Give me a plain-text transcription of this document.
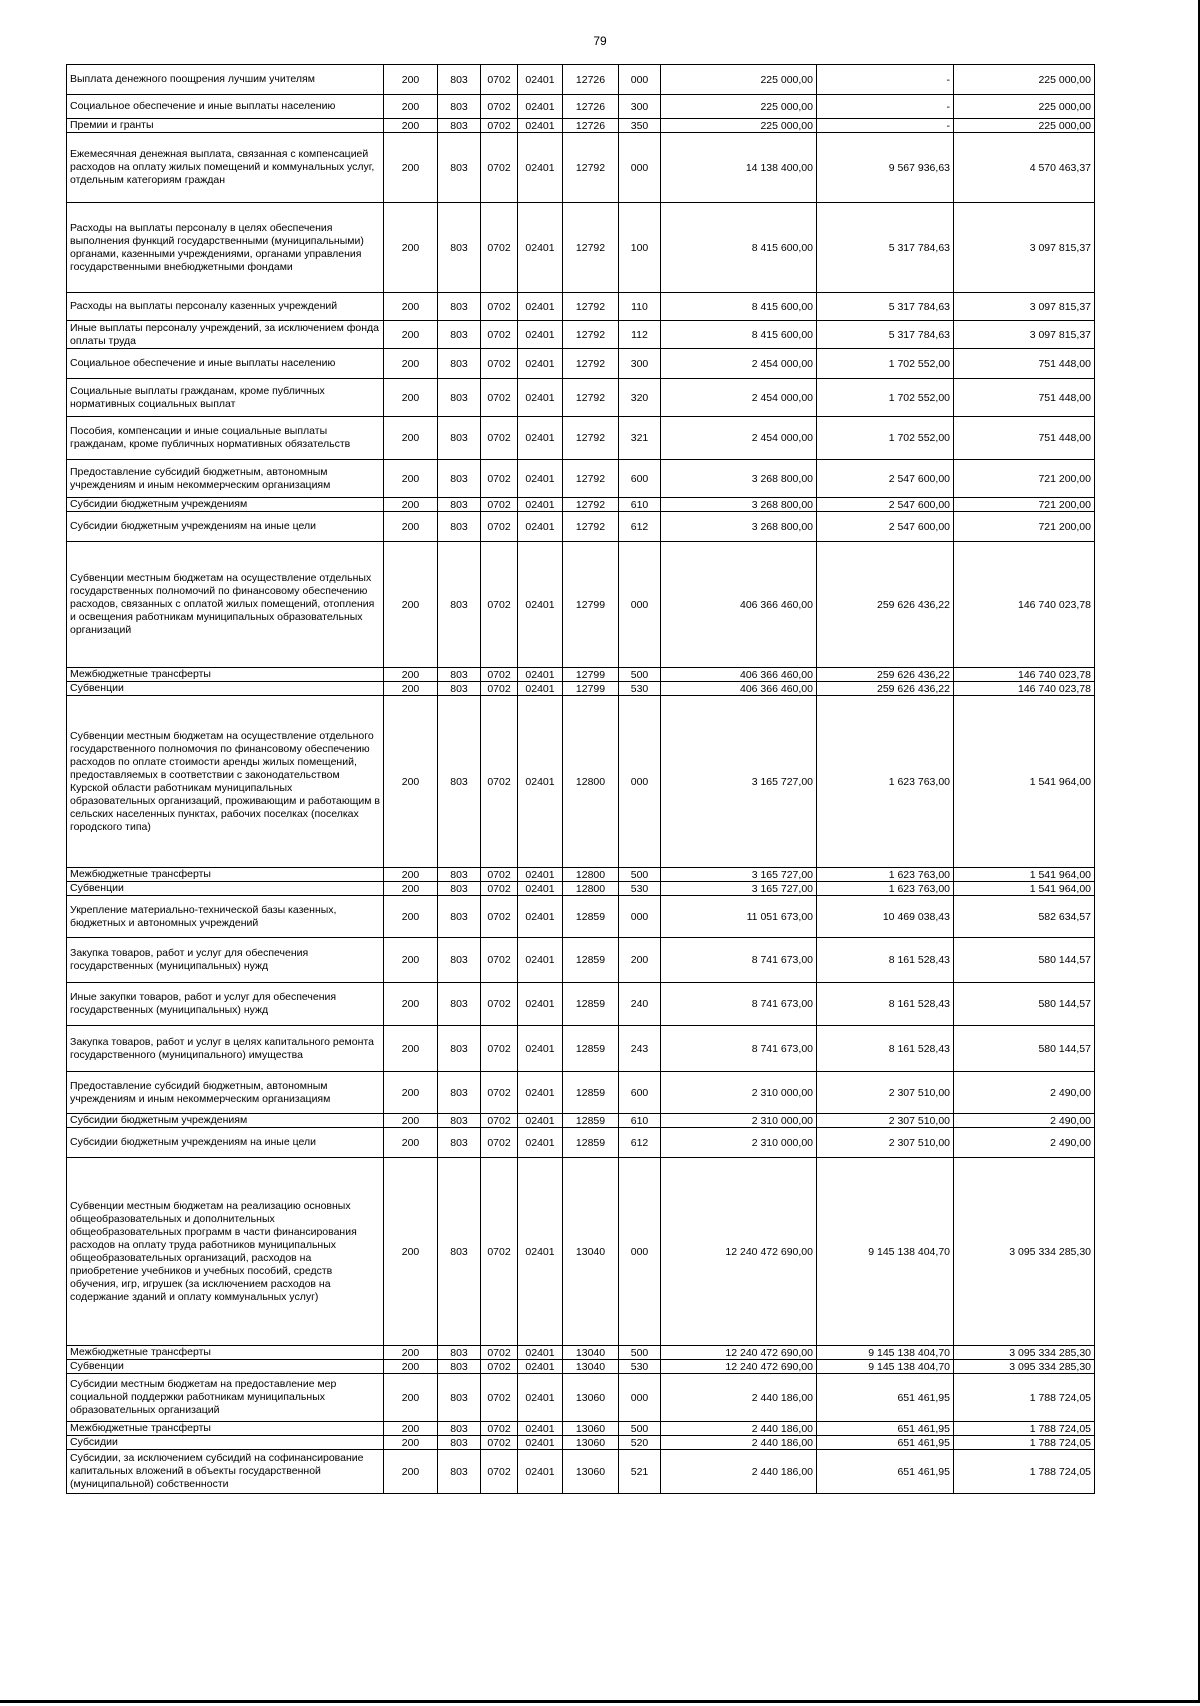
79
Выплата денежного поощрения лучшим учителям	200	803	0702	02401	12726	000	225 000,00	-	225 000,00
Социальное обеспечение и иные выплаты населению	200	803	0702	02401	12726	300	225 000,00	-	225 000,00
Премии и гранты	200	803	0702	02401	12726	350	225 000,00	-	225 000,00
Ежемесячная денежная выплата, связанная с компенсацией расходов на оплату жилых помещений и коммунальных услуг, отдельным категориям граждан	200	803	0702	02401	12792	000	14 138 400,00	9 567 936,63	4 570 463,37
Расходы на выплаты персоналу в целях обеспечения выполнения функций государственными (муниципальными) органами, казенными учреждениями, органами управления государственными внебюджетными фондами	200	803	0702	02401	12792	100	8 415 600,00	5 317 784,63	3 097 815,37
Расходы на выплаты персоналу казенных учреждений	200	803	0702	02401	12792	110	8 415 600,00	5 317 784,63	3 097 815,37
Иные выплаты персоналу учреждений, за исключением фонда оплаты труда	200	803	0702	02401	12792	112	8 415 600,00	5 317 784,63	3 097 815,37
Социальное обеспечение и иные выплаты населению	200	803	0702	02401	12792	300	2 454 000,00	1 702 552,00	751 448,00
Социальные выплаты гражданам, кроме публичных нормативных социальных выплат	200	803	0702	02401	12792	320	2 454 000,00	1 702 552,00	751 448,00
Пособия, компенсации и иные социальные выплаты гражданам, кроме публичных нормативных обязательств	200	803	0702	02401	12792	321	2 454 000,00	1 702 552,00	751 448,00
Предоставление субсидий бюджетным, автономным учреждениям и иным некоммерческим организациям	200	803	0702	02401	12792	600	3 268 800,00	2 547 600,00	721 200,00
Субсидии бюджетным учреждениям	200	803	0702	02401	12792	610	3 268 800,00	2 547 600,00	721 200,00
Субсидии бюджетным учреждениям на иные цели	200	803	0702	02401	12792	612	3 268 800,00	2 547 600,00	721 200,00
Субвенции местным бюджетам на осуществление отдельных государственных полномочий по финансовому обеспечению расходов, связанных с оплатой жилых помещений, отопления и освещения работникам муниципальных образовательных организаций	200	803	0702	02401	12799	000	406 366 460,00	259 626 436,22	146 740 023,78
Межбюджетные трансферты	200	803	0702	02401	12799	500	406 366 460,00	259 626 436,22	146 740 023,78
Субвенции	200	803	0702	02401	12799	530	406 366 460,00	259 626 436,22	146 740 023,78
Субвенции местным бюджетам на осуществление отдельного государственного полномочия по финансовому обеспечению расходов по оплате стоимости аренды жилых помещений, предоставляемых в соответствии с законодательством Курской области работникам муниципальных образовательных организаций, проживающим и работающим в сельских населенных пунктах, рабочих поселках (поселках городского типа)	200	803	0702	02401	12800	000	3 165 727,00	1 623 763,00	1 541 964,00
Межбюджетные трансферты	200	803	0702	02401	12800	500	3 165 727,00	1 623 763,00	1 541 964,00
Субвенции	200	803	0702	02401	12800	530	3 165 727,00	1 623 763,00	1 541 964,00
Укрепление материально-технической базы казенных, бюджетных и автономных учреждений	200	803	0702	02401	12859	000	11 051 673,00	10 469 038,43	582 634,57
Закупка товаров, работ и услуг для обеспечения государственных (муниципальных) нужд	200	803	0702	02401	12859	200	8 741 673,00	8 161 528,43	580 144,57
Иные закупки товаров, работ и услуг для обеспечения государственных (муниципальных) нужд	200	803	0702	02401	12859	240	8 741 673,00	8 161 528,43	580 144,57
Закупка товаров, работ и услуг в целях капитального ремонта государственного (муниципального) имущества	200	803	0702	02401	12859	243	8 741 673,00	8 161 528,43	580 144,57
Предоставление субсидий бюджетным, автономным учреждениям и иным некоммерческим организациям	200	803	0702	02401	12859	600	2 310 000,00	2 307 510,00	2 490,00
Субсидии бюджетным учреждениям	200	803	0702	02401	12859	610	2 310 000,00	2 307 510,00	2 490,00
Субсидии бюджетным учреждениям на иные цели	200	803	0702	02401	12859	612	2 310 000,00	2 307 510,00	2 490,00
Субвенции местным бюджетам на реализацию основных общеобразовательных и дополнительных общеобразовательных программ в части финансирования расходов на оплату труда работников муниципальных общеобразовательных организаций, расходов на приобретение учебников и учебных пособий, средств обучения, игр, игрушек (за исключением расходов на содержание зданий и оплату коммунальных услуг)	200	803	0702	02401	13040	000	12 240 472 690,00	9 145 138 404,70	3 095 334 285,30
Межбюджетные трансферты	200	803	0702	02401	13040	500	12 240 472 690,00	9 145 138 404,70	3 095 334 285,30
Субвенции	200	803	0702	02401	13040	530	12 240 472 690,00	9 145 138 404,70	3 095 334 285,30
Субсидии местным бюджетам на предоставление мер социальной поддержки работникам муниципальных образовательных организаций	200	803	0702	02401	13060	000	2 440 186,00	651 461,95	1 788 724,05
Межбюджетные трансферты	200	803	0702	02401	13060	500	2 440 186,00	651 461,95	1 788 724,05
Субсидии	200	803	0702	02401	13060	520	2 440 186,00	651 461,95	1 788 724,05
Субсидии, за исключением субсидий на софинансирование капитальных вложений в объекты государственной (муниципальной) собственности	200	803	0702	02401	13060	521	2 440 186,00	651 461,95	1 788 724,05
